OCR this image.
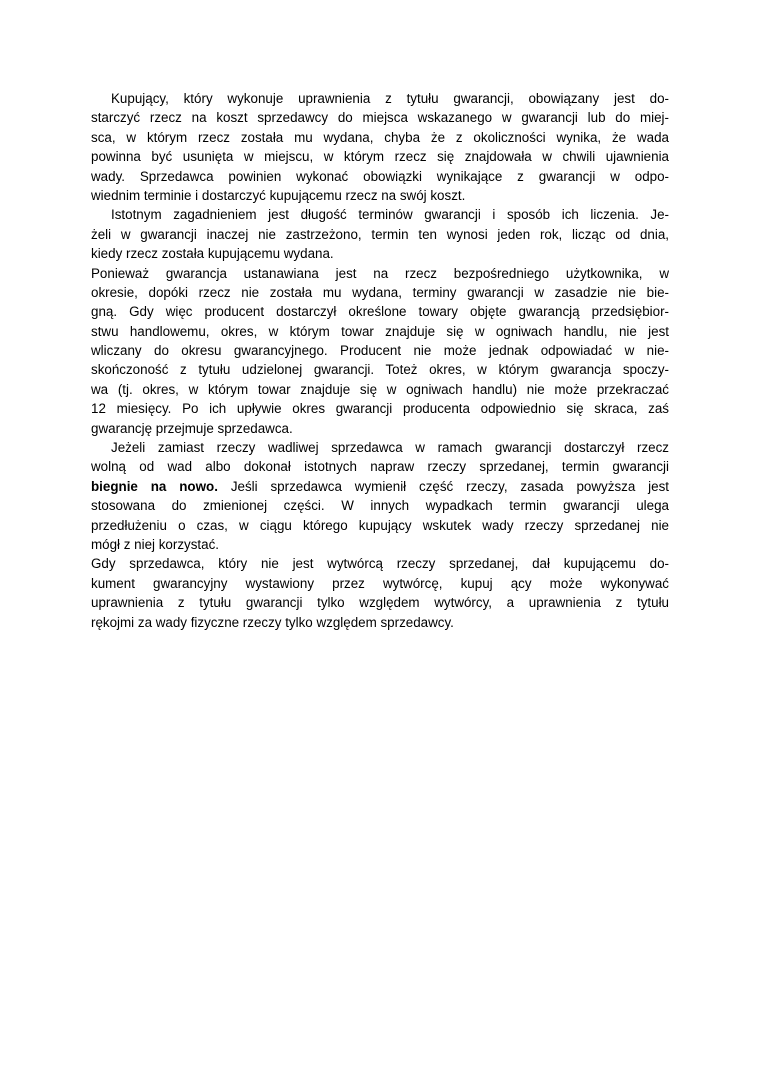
Kupujący, który wykonuje uprawnienia z tytułu gwarancji, obowiązany jest do-
starczyć rzecz na koszt sprzedawcy do miejsca wskazanego w gwarancji lub do miej-
sca, w którym rzecz została mu wydana, chyba że z okoliczności wynika, że wada
powinna być usunięta w miejscu, w którym rzecz się znajdowała w chwili ujawnienia
wady. Sprzedawca powinien wykonać obowiązki wynikające z gwarancji w odpo-
wiednim terminie i dostarczyć kupującemu rzecz na swój koszt.
Istotnym zagadnieniem jest długość terminów gwarancji i sposób ich liczenia. Je-
żeli w gwarancji inaczej nie zastrzeżono, termin ten wynosi jeden rok, licząc od dnia,
kiedy rzecz została kupującemu wydana.
Ponieważ gwarancja ustanawiana jest na rzecz bezpośredniego użytkownika, w
okresie, dopóki rzecz nie została mu wydana, terminy gwarancji w zasadzie nie bie-
gną. Gdy więc producent dostarczył określone towary objęte gwarancją przedsiębior-
stwu handlowemu, okres, w którym towar znajduje się w ogniwach handlu, nie jest
wliczany do okresu gwarancyjnego. Producent nie może jednak odpowiadać w nie-
skończoność z tytułu udzielonej gwarancji. Toteż okres, w którym gwarancja spoczy-
wa (tj. okres, w którym towar znajduje się w ogniwach handlu) nie może przekraczać
12 miesięcy. Po ich upływie okres gwarancji producenta odpowiednio się skraca, zaś
gwarancję przejmuje sprzedawca.
Jeżeli zamiast rzeczy wadliwej sprzedawca w ramach gwarancji dostarczył rzecz
wolną od wad albo dokonał istotnych napraw rzeczy sprzedanej, termin gwarancji
biegnie na nowo. Jeśli sprzedawca wymienił część rzeczy, zasada powyższa jest
stosowana do zmienionej części. W innych wypadkach termin gwarancji ulega
przedłużeniu o czas, w ciągu którego kupujący wskutek wady rzeczy sprzedanej nie
mógł z niej korzystać.
Gdy sprzedawca, który nie jest wytwórcą rzeczy sprzedanej, dał kupującemu do-
kument gwarancyjny wystawiony przez wytwórcę, kupuj ący może wykonywać
uprawnienia z tytułu gwarancji tylko względem wytwórcy, a uprawnienia z tytułu
rękojmi za wady fizyczne rzeczy tylko względem sprzedawcy.
